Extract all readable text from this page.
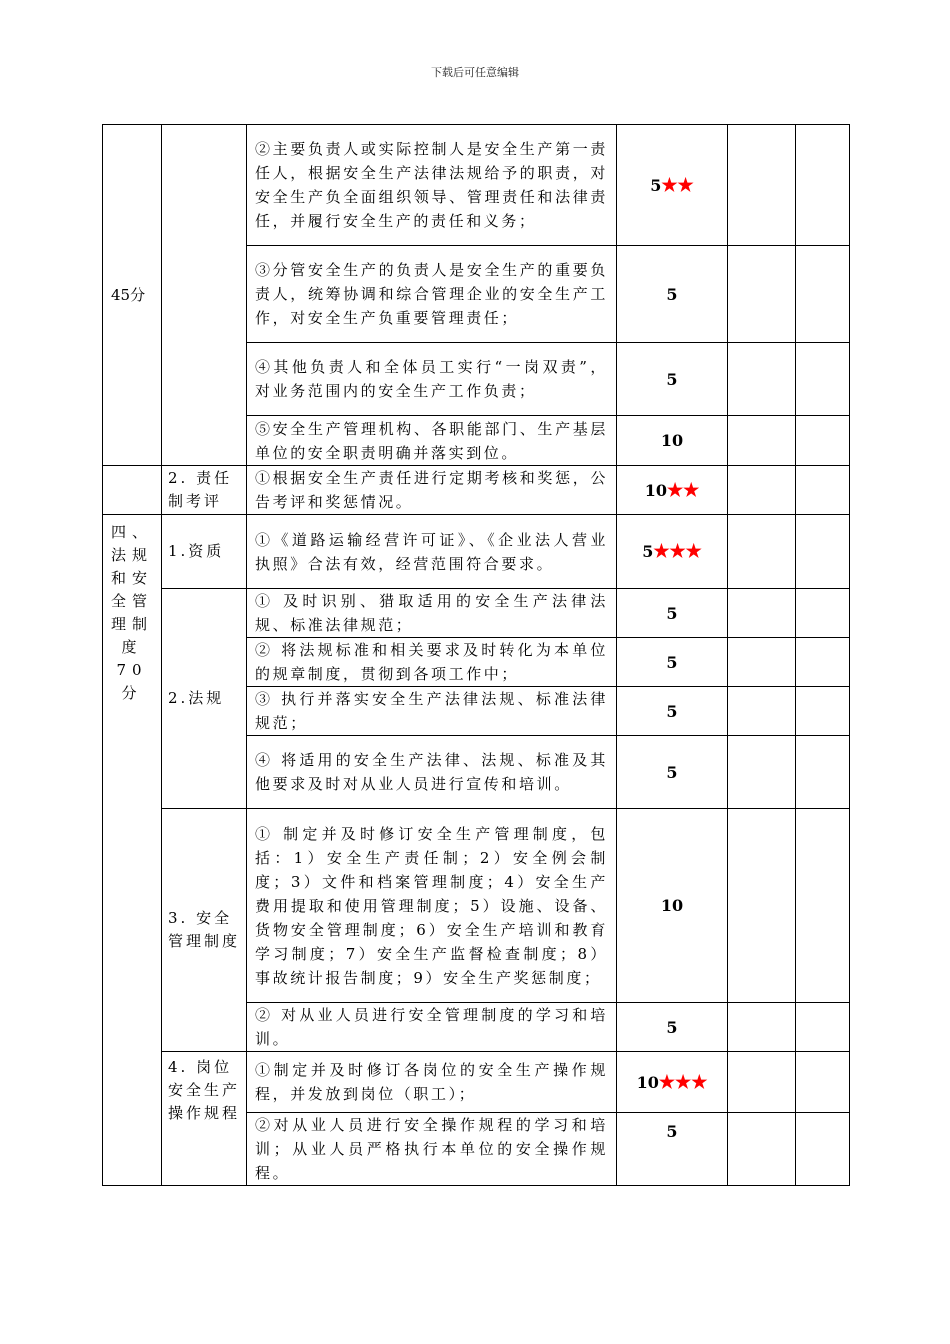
下载后可任意编辑
45分		②主要负责人或实际控制人是安全生产第一责任人，根据安全生产法律法规给予的职责，对安全生产负全面组织领导、管理责任和法律责任，并履行安全生产的责任和义务；	5★★		
		③分管安全生产的负责人是安全生产的重要负责人，统筹协调和综合管理企业的安全生产工作，对安全生产负重要管理责任；	5		
		④其他负责人和全体员工实行“一岗双责”，对业务范围内的安全生产工作负责；	5		
		⑤安全生产管理机构、各职能部门、生产基层单位的安全职责明确并落实到位。	10		
	2. 责任制考评	①根据安全生产责任进行定期考核和奖惩，公告考评和奖惩情况。	10★★		
四、法规和安全管理制度 70分	1.资质	①《道路运输经营许可证》、《企业法人营业执照》合法有效，经营范围符合要求。	5★★★		
	2.法规	① 及时识别、猎取适用的安全生产法律法规、标准法律规范；	5		
		② 将法规标准和相关要求及时转化为本单位的规章制度，贯彻到各项工作中；	5		
		③ 执行并落实安全生产法律法规、标准法律规范；	5		
		④ 将适用的安全生产法律、法规、标准及其他要求及时对从业人员进行宣传和培训。	5		
	3. 安全管理制度	① 制定并及时修订安全生产管理制度，包括：1）安全生产责任制；2）安全例会制度；3）文件和档案管理制度；4）安全生产费用提取和使用管理制度；5）设施、设备、货物安全管理制度；6）安全生产培训和教育学习制度；7）安全生产监督检查制度；8）事故统计报告制度；9）安全生产奖惩制度；	10		
		② 对从业人员进行安全管理制度的学习和培训。	5		
	4. 岗位安全生产操作规程	①制定并及时修订各岗位的安全生产操作规程，并发放到岗位（职工）；	10★★★		
		②对从业人员进行安全操作规程的学习和培训；从业人员严格执行本单位的安全操作规程。	5		
